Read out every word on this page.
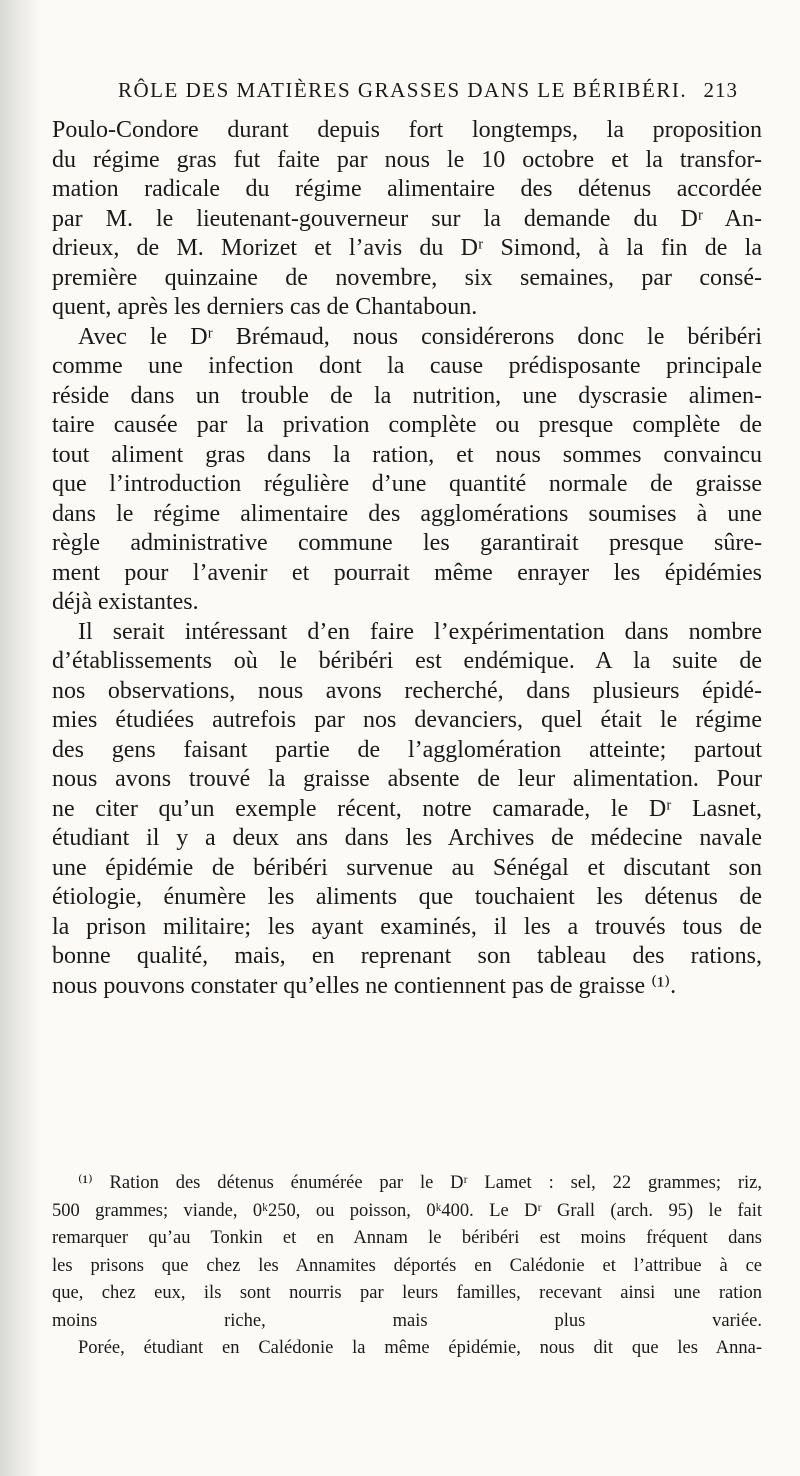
RÔLE DES MATIÈRES GRASSES DANS LE BÉRIBÉRI. 213
Poulo-Condore durant depuis fort longtemps, la proposition
du régime gras fut faite par nous le 10 octobre et la transfor-
mation radicale du régime alimentaire des détenus accordée
par M. le lieutenant-gouverneur sur la demande du Dʳ An-
drieux, de M. Morizet et l’avis du Dʳ Simond, à la fin de la
première quinzaine de novembre, six semaines, par consé-
quent, après les derniers cas de Chantaboun.
Avec le Dʳ Brémaud, nous considérerons donc le béribéri
comme une infection dont la cause prédisposante principale
réside dans un trouble de la nutrition, une dyscrasie alimen-
taire causée par la privation complète ou presque complète de
tout aliment gras dans la ration, et nous sommes convaincu
que l’introduction régulière d’une quantité normale de graisse
dans le régime alimentaire des agglomérations soumises à une
règle administrative commune les garantirait presque sûre-
ment pour l’avenir et pourrait même enrayer les épidémies
déjà existantes.
Il serait intéressant d’en faire l’expérimentation dans nombre
d’établissements où le béribéri est endémique. A la suite de
nos observations, nous avons recherché, dans plusieurs épidé-
mies étudiées autrefois par nos devanciers, quel était le régime
des gens faisant partie de l’agglomération atteinte; partout
nous avons trouvé la graisse absente de leur alimentation. Pour
ne citer qu’un exemple récent, notre camarade, le Dʳ Lasnet,
étudiant il y a deux ans dans les Archives de médecine navale
une épidémie de béribéri survenue au Sénégal et discutant son
étiologie, énumère les aliments que touchaient les détenus de
la prison militaire; les ayant examinés, il les a trouvés tous de
bonne qualité, mais, en reprenant son tableau des rations,
nous pouvons constater qu’elles ne contiennent pas de graisse ⁽¹⁾.
⁽¹⁾ Ration des détenus énumérée par le Dʳ Lamet : sel, 22 grammes; riz,
500 grammes; viande, 0ᵏ250, ou poisson, 0ᵏ400. Le Dʳ Grall (arch. 95) le fait
remarquer qu’au Tonkin et en Annam le béribéri est moins fréquent dans
les prisons que chez les Annamites déportés en Calédonie et l’attribue à ce
que, chez eux, ils sont nourris par leurs familles, recevant ainsi une ration
moins riche, mais plus variée.
Porée, étudiant en Calédonie la même épidémie, nous dit que les Anna-
